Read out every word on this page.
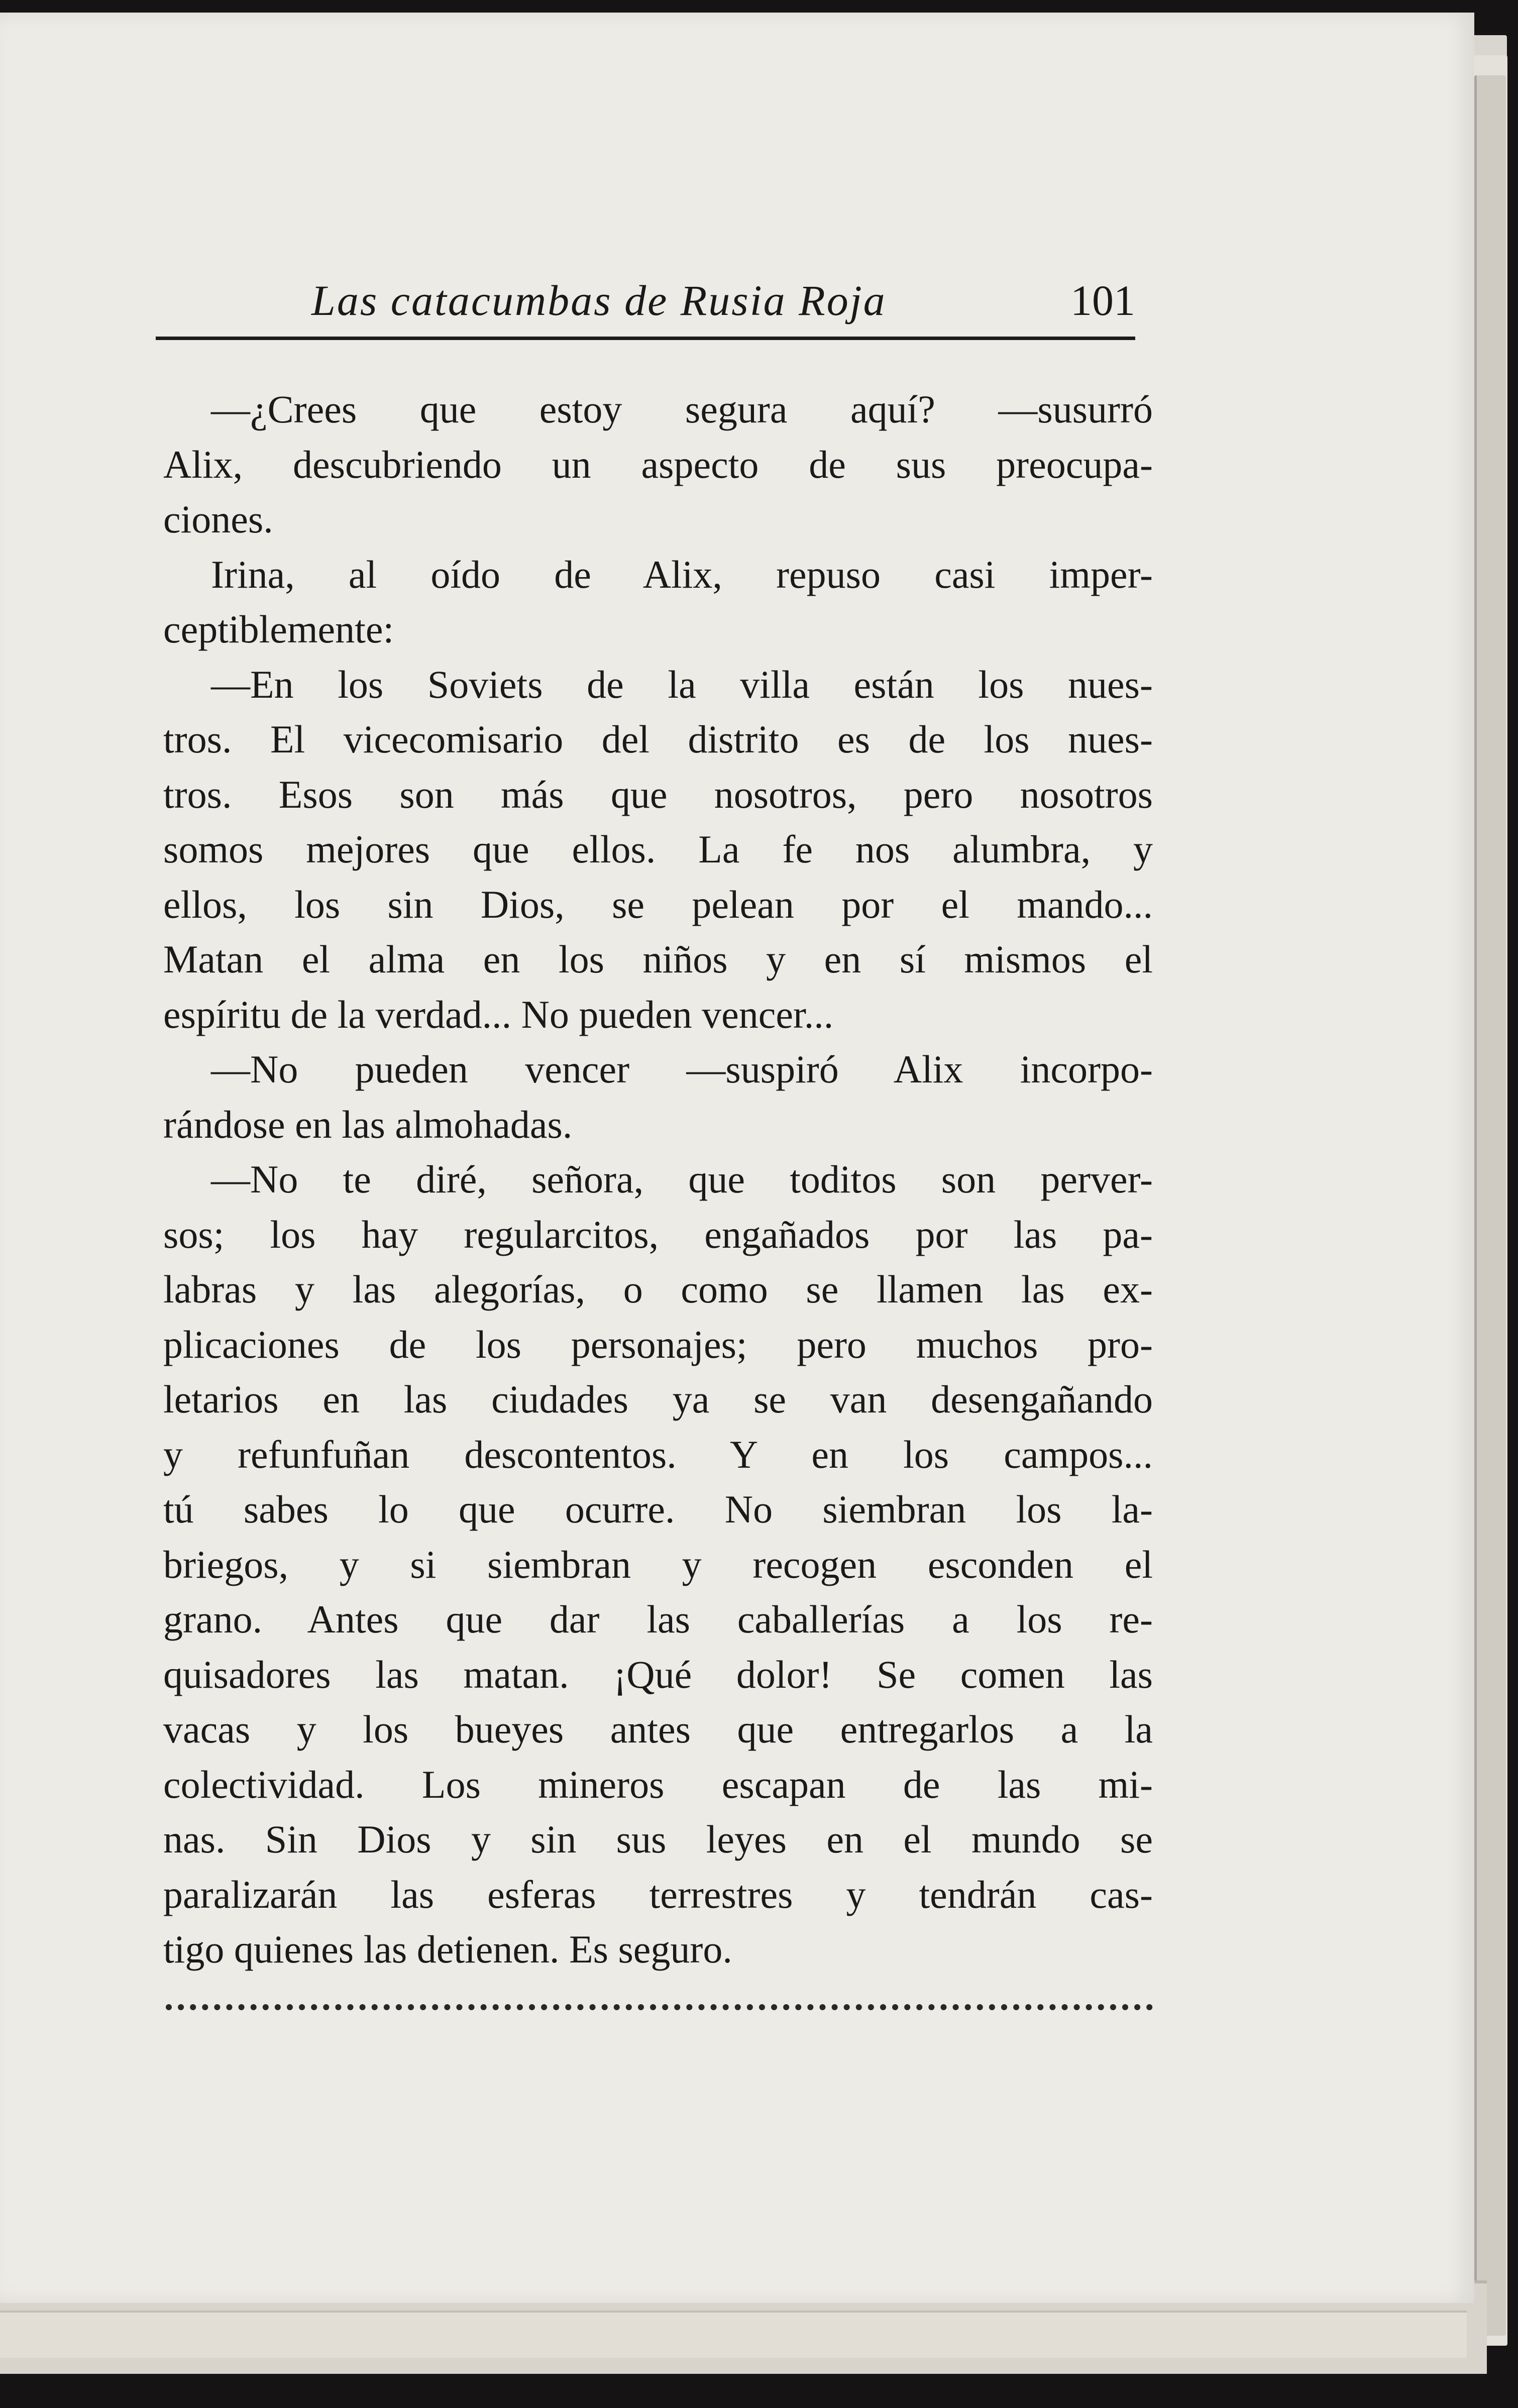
Las catacumbas de Rusia Roja	101
—¿Crees que estoy segura aquí? —susurró
Alix, descubriendo un aspecto de sus preocupa-
ciones.
Irina, al oído de Alix, repuso casi imper-
ceptiblemente:
—En los Soviets de la villa están los nues-
tros. El vicecomisario del distrito es de los nues-
tros. Esos son más que nosotros, pero nosotros
somos mejores que ellos. La fe nos alumbra, y
ellos, los sin Dios, se pelean por el mando...
Matan el alma en los niños y en sí mismos el
espíritu de la verdad... No pueden vencer...
—No pueden vencer —suspiró Alix incorpo-
rándose en las almohadas.
—No te diré, señora, que toditos son perver-
sos; los hay regularcitos, engañados por las pa-
labras y las alegorías, o como se llamen las ex-
plicaciones de los personajes; pero muchos pro-
letarios en las ciudades ya se van desengañando
y refunfuñan descontentos. Y en los campos...
tú sabes lo que ocurre. No siembran los la-
briegos, y si siembran y recogen esconden el
grano. Antes que dar las caballerías a los re-
quisadores las matan. ¡Qué dolor! Se comen las
vacas y los bueyes antes que entregarlos a la
colectividad. Los mineros escapan de las mi-
nas. Sin Dios y sin sus leyes en el mundo se
paralizarán las esferas terrestres y tendrán cas-
tigo quienes las detienen. Es seguro.
